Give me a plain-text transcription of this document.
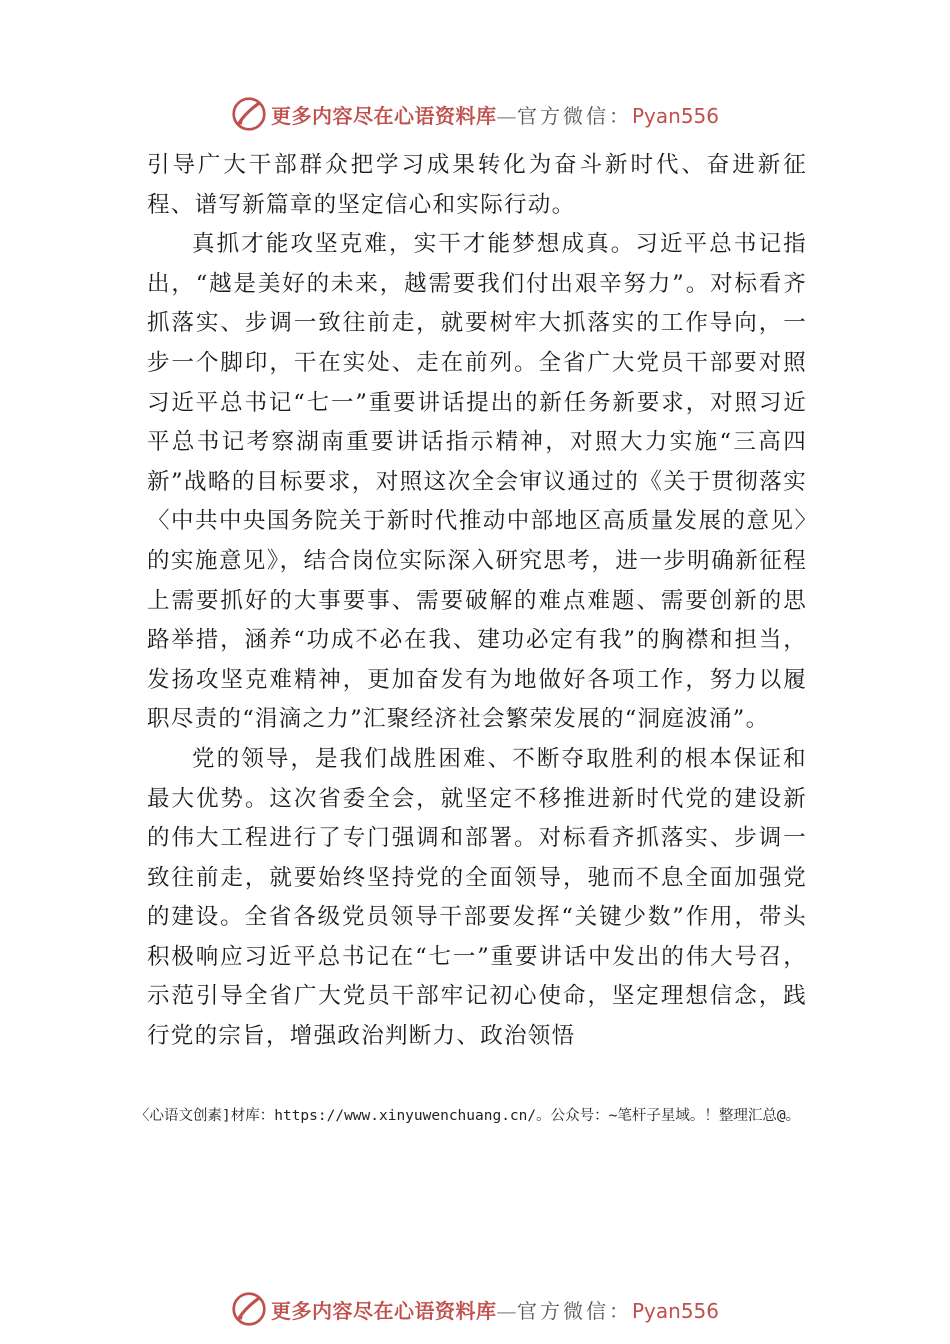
更多内容尽在心语资料库—官方微信：Pyan556

引导广大干部群众把学习成果转化为奋斗新时代、奋进新征程、谱写新篇章的坚定信心和实际行动。

真抓才能攻坚克难，实干才能梦想成真。习近平总书记指出，“越是美好的未来，越需要我们付出艰辛努力”。对标看齐抓落实、步调一致往前走，就要树牢大抓落实的工作导向，一步一个脚印，干在实处、走在前列。全省广大党员干部要对照习近平总书记“七一”重要讲话提出的新任务新要求，对照习近平总书记考察湖南重要讲话指示精神，对照大力实施“三高四新”战略的目标要求，对照这次全会审议通过的《关于贯彻落实〈中共中央国务院关于新时代推动中部地区高质量发展的意见〉的实施意见》，结合岗位实际深入研究思考，进一步明确新征程上需要抓好的大事要事、需要破解的难点难题、需要创新的思路举措，涵养“功成不必在我、建功必定有我”的胸襟和担当，发扬攻坚克难精神，更加奋发有为地做好各项工作，努力以履职尽责的“涓滴之力”汇聚经济社会繁荣发展的“洞庭波涌”。

党的领导，是我们战胜困难、不断夺取胜利的根本保证和最大优势。这次省委全会，就坚定不移推进新时代党的建设新的伟大工程进行了专门强调和部署。对标看齐抓落实、步调一致往前走，就要始终坚持党的全面领导，驰而不息全面加强党的建设。全省各级党员领导干部要发挥“关键少数”作用，带头积极响应习近平总书记在“七一”重要讲话中发出的伟大号召，示范引导全省广大党员干部牢记初心使命，坚定理想信念，践行党的宗旨，增强政治判断力、政治领悟

〈心语文创素]材库：https://www.xinyuwenchuang.cn/。公众号：~笔杆子星域。！整理汇总@。
更多内容尽在心语资料库—官方微信：Pyan556
